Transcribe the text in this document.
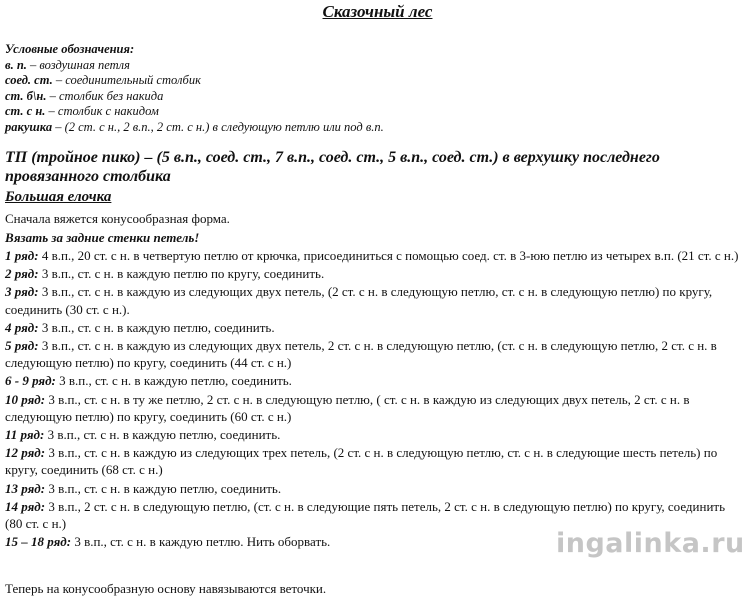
Сказочный лес
Условные обозначения:
в. п. – воздушная петля
соед. ст. – соединительный столбик
ст. б\н. – столбик без накида
ст. с н. – столбик с накидом
ракушка – (2 ст. с н., 2 в.п., 2 ст. с н.) в следующую петлю или под в.п.
ТП (тройное пико) – (5 в.п., соед. ст., 7 в.п., соед. ст., 5 в.п., соед. ст.) в верхушку последнего провязанного столбика
Большая елочка
Сначала вяжется конусообразная форма.
Вязать за задние стенки петель!
1 ряд: 4 в.п., 20 ст. с н. в четвертую петлю от крючка, присоединиться с помощью соед. ст. в 3-юю петлю из четырех в.п. (21 ст. с н.)
2 ряд: 3 в.п., ст. с н. в каждую петлю по кругу, соединить.
3 ряд: 3 в.п., ст. с н. в каждую из следующих двух петель, (2 ст. с н. в следующую петлю, ст. с н. в следующую петлю) по кругу, соединить (30 ст. с н.).
4 ряд: 3 в.п., ст. с н. в каждую петлю, соединить.
5 ряд: 3 в.п., ст. с н. в каждую из следующих двух петель, 2 ст. с н. в следующую петлю, (ст. с н. в следующую петлю, 2 ст. с н. в следующую петлю) по кругу, соединить (44 ст. с н.)
6 - 9 ряд: 3 в.п., ст. с н. в каждую петлю, соединить.
10 ряд: 3 в.п., ст. с н. в ту же петлю, 2 ст. с н. в следующую петлю, ( ст. с н. в каждую из следующих двух петель, 2 ст. с н. в следующую петлю) по кругу, соединить (60 ст. с н.)
11 ряд: 3 в.п., ст. с н. в каждую петлю, соединить.
12 ряд: 3 в.п., ст. с н. в каждую из следующих трех петель, (2 ст. с н. в следующую петлю, ст. с н. в следующие шесть петель) по кругу, соединить (68 ст. с н.)
13 ряд: 3 в.п., ст. с н. в каждую петлю, соединить.
14 ряд: 3 в.п., 2 ст. с н. в следующую петлю, (ст. с н. в следующие пять петель, 2 ст. с н. в следующую петлю) по кругу, соединить (80 ст. с н.)
15 – 18 ряд: 3 в.п., ст. с н. в каждую петлю. Нить оборвать.
Теперь на конусообразную основу навязываются веточки.
ingalinka.ru
